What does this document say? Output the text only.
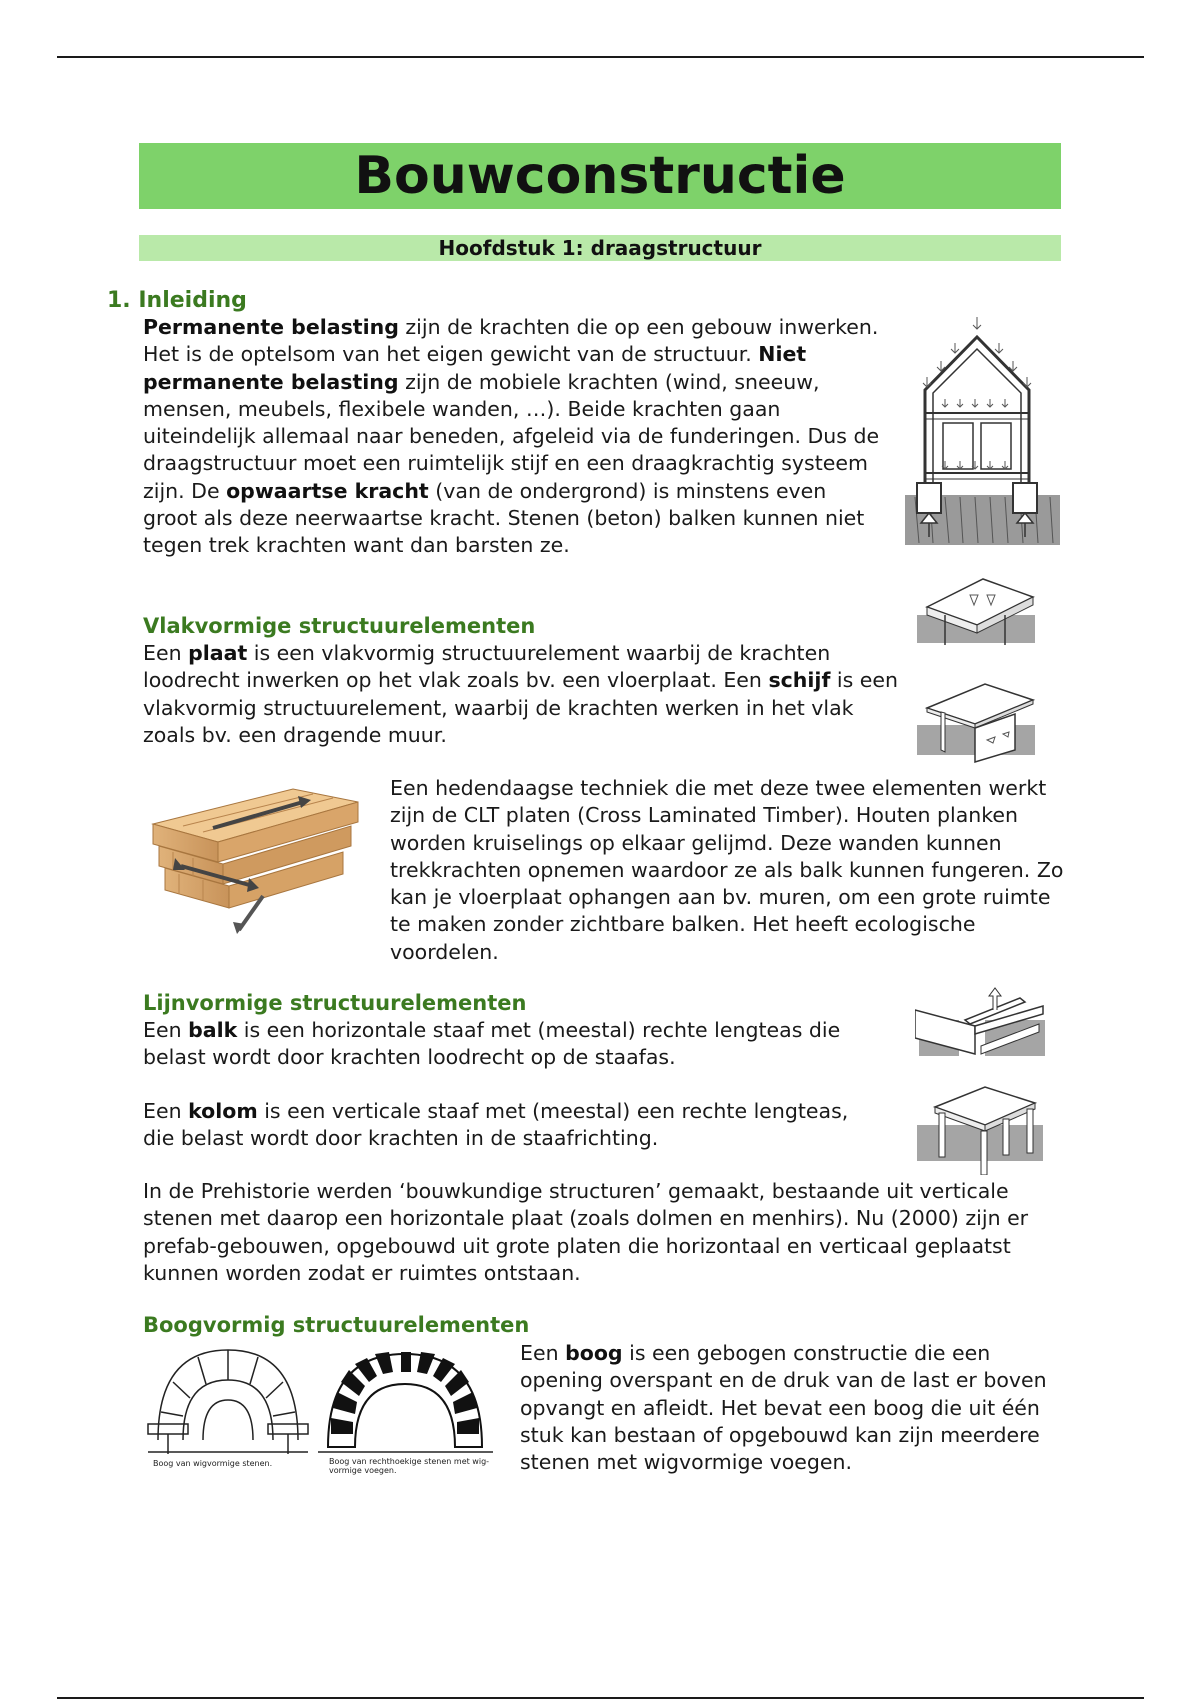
Bouwconstructie
Hoofdstuk 1: draagstructuur
1. Inleiding

Permanente belasting zijn de krachten die op een gebouw inwerken. Het is de optelsom van het eigen gewicht van de structuur. Niet permanente belasting zijn de mobiele krachten (wind, sneeuw, mensen, meubels, flexibele wanden, …). Beide krachten gaan uiteindelijk allemaal naar beneden, afgeleid via de funderingen. Dus de draagstructuur moet een ruimtelijk stijf en een draagkrachtig systeem zijn. De opwaartse kracht (van de ondergrond) is minstens even groot als deze neerwaartse kracht. Stenen (beton) balken kunnen niet tegen trek krachten want dan barsten ze.

Vlakvormige structuurelementen

Een plaat is een vlakvormig structuurelement waarbij de krachten loodrecht inwerken op het vlak zoals bv. een vloerplaat. Een schijf is een vlakvormig structuurelement, waarbij de krachten werken in het vlak zoals bv. een dragende muur.

Een hedendaagse techniek die met deze twee elementen werkt zijn de CLT platen (Cross Laminated Timber). Houten planken worden kruiselings op elkaar gelijmd. Deze wanden kunnen trekkrachten opnemen waardoor ze als balk kunnen fungeren. Zo kan je vloerplaat ophangen aan bv. muren, om een grote ruimte te maken zonder zichtbare balken. Het heeft ecologische voordelen.

Lijnvormige structuurelementen

Een balk is een horizontale staaf met (meestal) rechte lengteas die belast wordt door krachten loodrecht op de staafas.

Een kolom is een verticale staaf met (meestal) een rechte lengteas, die belast wordt door krachten in de staafrichting.

In de Prehistorie werden ‘bouwkundige structuren’ gemaakt, bestaande uit verticale stenen met daarop een horizontale plaat (zoals dolmen en menhirs). Nu (2000) zijn er prefab-gebouwen, opgebouwd uit grote platen die horizontaal en verticaal geplaatst kunnen worden zodat er ruimtes ontstaan.

Boogvormig structuurelementen
Boog van wigvormige stenen.	Boog van rechthoekige stenen met wig-
vormige voegen.

Een boog is een gebogen constructie die een opening overspant en de druk van de last er boven opvangt en afleidt. Het bevat een boog die uit één stuk kan bestaan of opgebouwd kan zijn meerdere stenen met wigvormige voegen.
